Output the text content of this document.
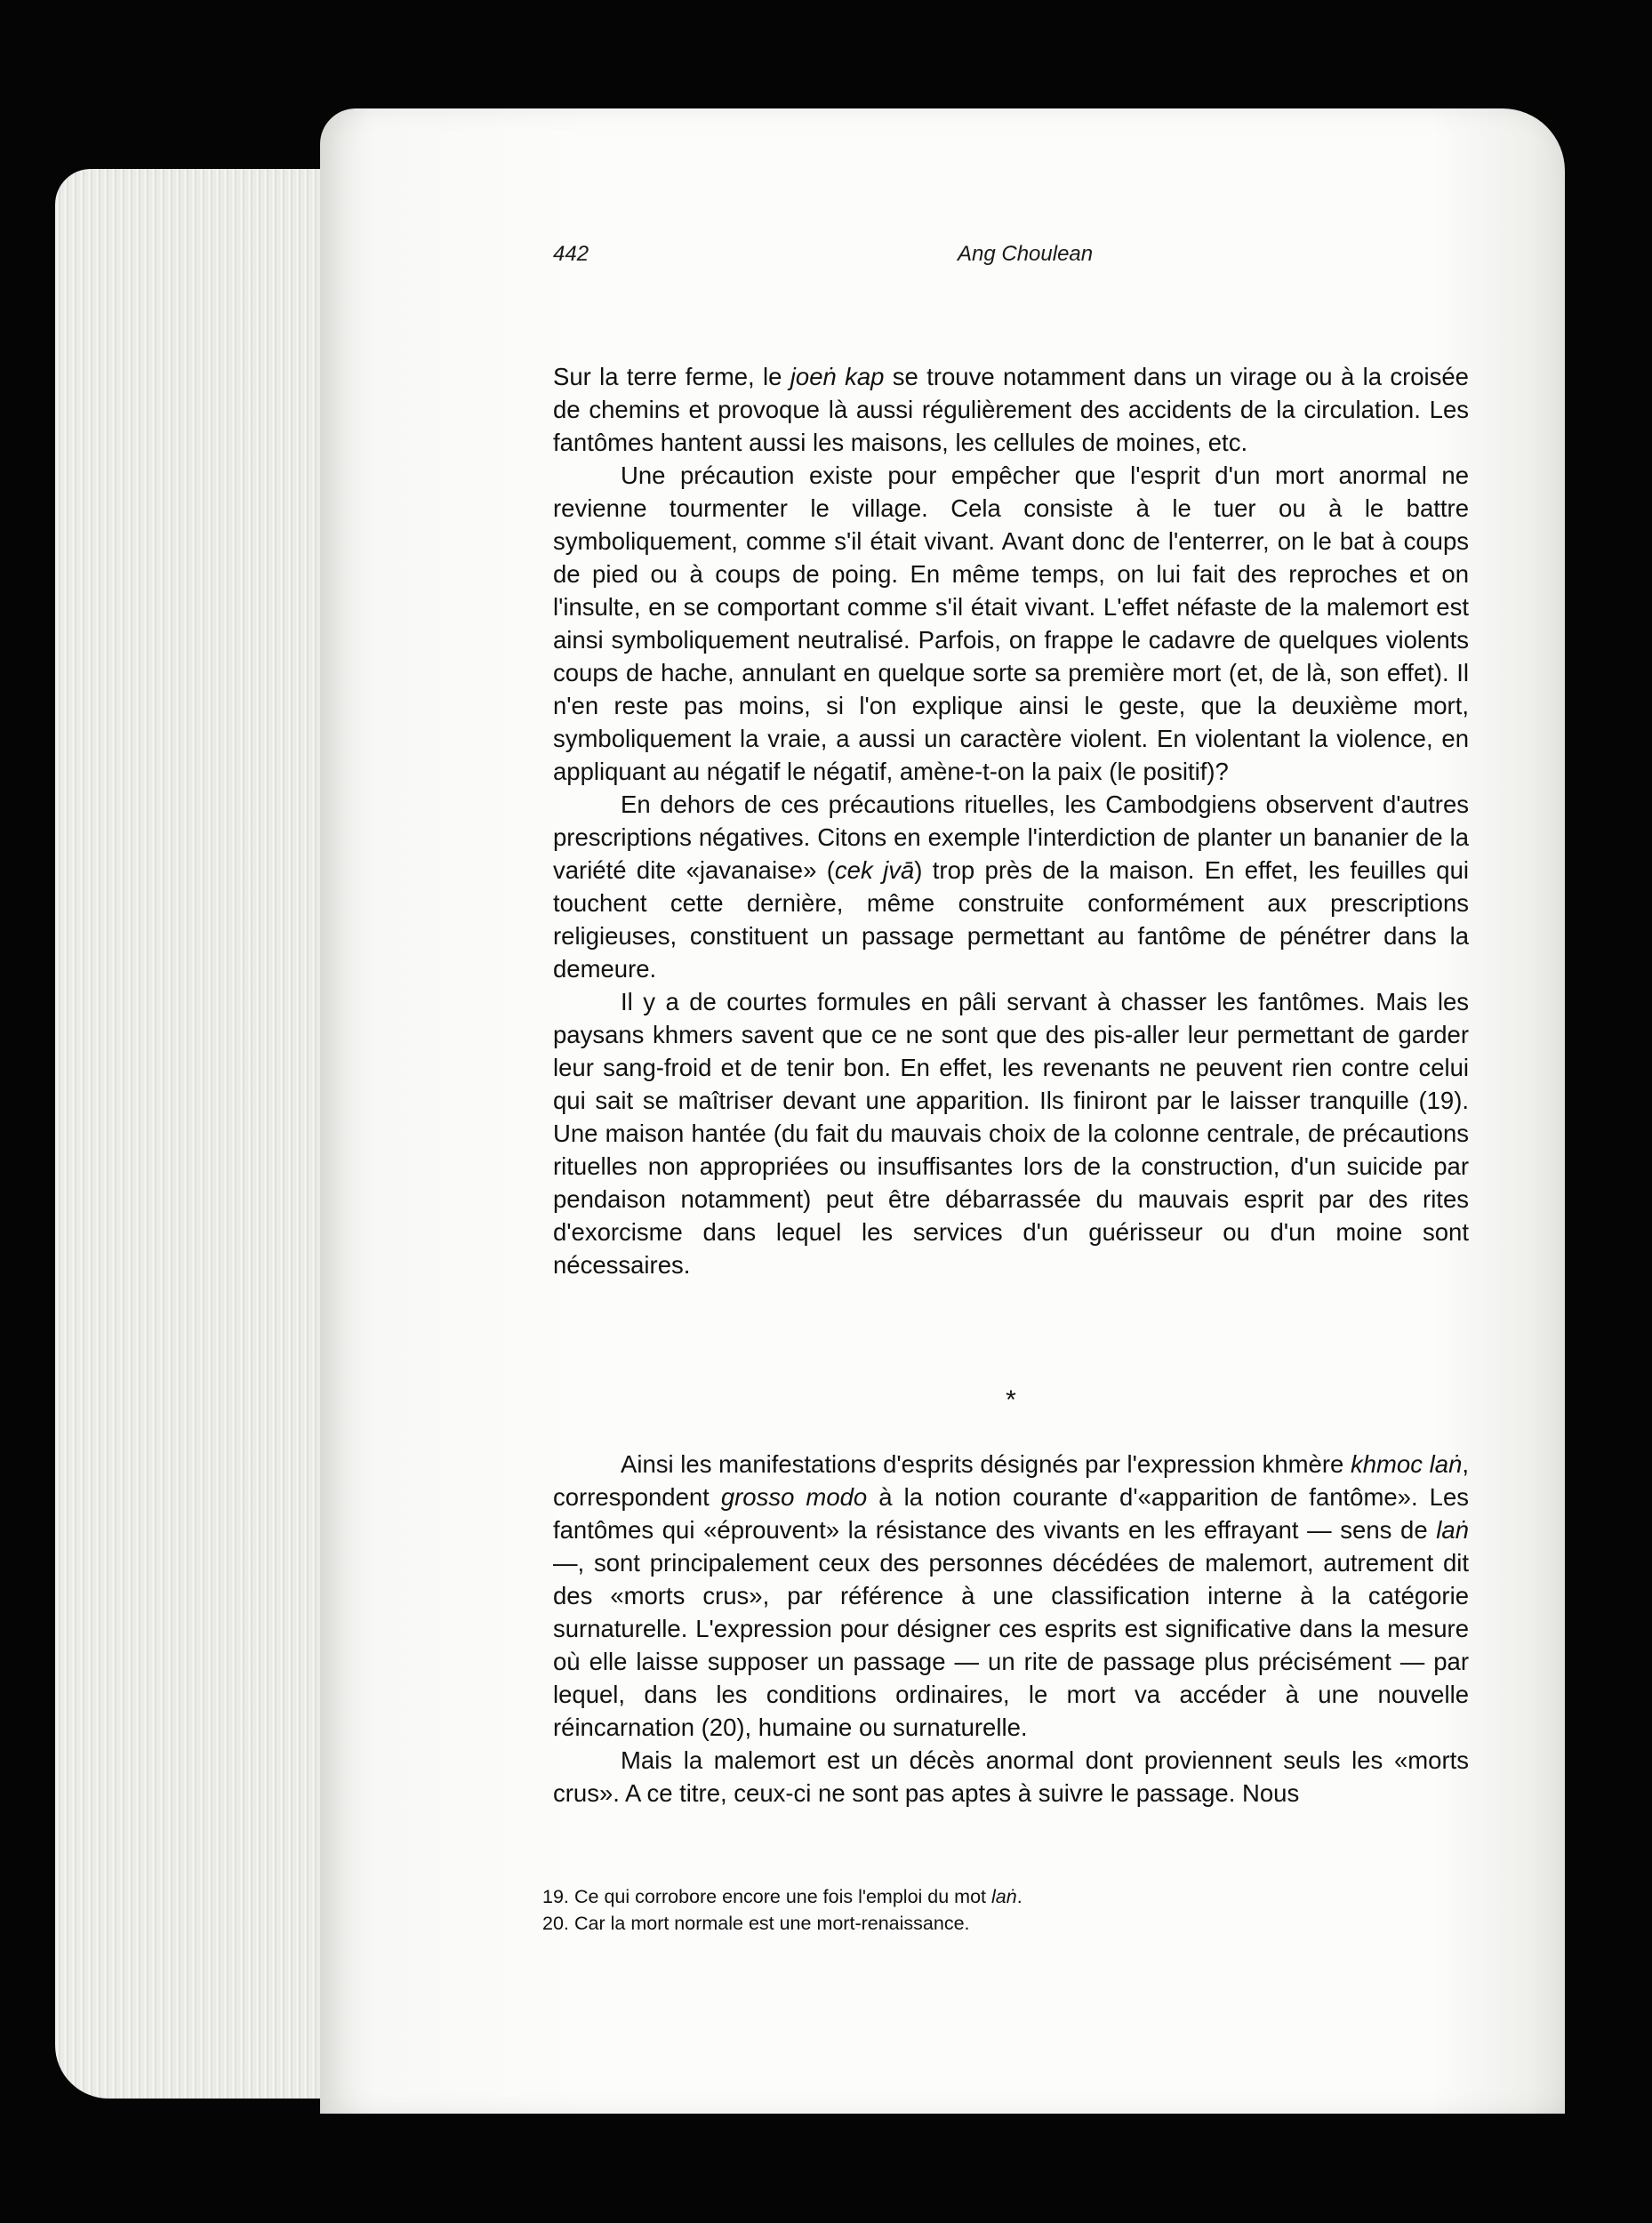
442	Ang Choulean

Sur la terre ferme, le joeṅ kap se trouve notamment dans un virage ou à la croisée de chemins et provoque là aussi régulièrement des accidents de la circulation. Les fantômes hantent aussi les maisons, les cellules de moines, etc.

Une précaution existe pour empêcher que l'esprit d'un mort anormal ne revienne tourmenter le village. Cela consiste à le tuer ou à le battre symboliquement, comme s'il était vivant. Avant donc de l'enterrer, on le bat à coups de pied ou à coups de poing. En même temps, on lui fait des reproches et on l'insulte, en se comportant comme s'il était vivant. L'effet néfaste de la malemort est ainsi symboliquement neutralisé. Parfois, on frappe le cadavre de quelques violents coups de hache, annulant en quelque sorte sa première mort (et, de là, son effet). Il n'en reste pas moins, si l'on explique ainsi le geste, que la deuxième mort, symboliquement la vraie, a aussi un caractère violent. En violentant la violence, en appliquant au négatif le négatif, amène-t-on la paix (le positif)?

En dehors de ces précautions rituelles, les Cambodgiens observent d'autres prescriptions négatives. Citons en exemple l'interdiction de planter un bananier de la variété dite «javanaise» (cek jvā) trop près de la maison. En effet, les feuilles qui touchent cette dernière, même construite conformément aux prescriptions religieuses, constituent un passage permettant au fantôme de pénétrer dans la demeure.

Il y a de courtes formules en pâli servant à chasser les fantômes. Mais les paysans khmers savent que ce ne sont que des pis-aller leur permettant de garder leur sang-froid et de tenir bon. En effet, les revenants ne peuvent rien contre celui qui sait se maîtriser devant une apparition. Ils finiront par le laisser tranquille (19). Une maison hantée (du fait du mauvais choix de la colonne centrale, de précautions rituelles non appropriées ou insuffisantes lors de la construction, d'un suicide par pendaison notamment) peut être débarrassée du mauvais esprit par des rites d'exorcisme dans lequel les services d'un guérisseur ou d'un moine sont nécessaires.

*

Ainsi les manifestations d'esprits désignés par l'expression khmère khmoc laṅ, correspondent grosso modo à la notion courante d'«apparition de fantôme». Les fantômes qui «éprouvent» la résistance des vivants en les effrayant — sens de laṅ —, sont principalement ceux des personnes décédées de malemort, autrement dit des «morts crus», par référence à une classification interne à la catégorie surnaturelle. L'expression pour désigner ces esprits est significative dans la mesure où elle laisse supposer un passage — un rite de passage plus précisément — par lequel, dans les conditions ordinaires, le mort va accéder à une nouvelle réincarnation (20), humaine ou surnaturelle.

Mais la malemort est un décès anormal dont proviennent seuls les «morts crus». A ce titre, ceux-ci ne sont pas aptes à suivre le passage. Nous

19. Ce qui corrobore encore une fois l'emploi du mot laṅ.
20. Car la mort normale est une mort-renaissance.
